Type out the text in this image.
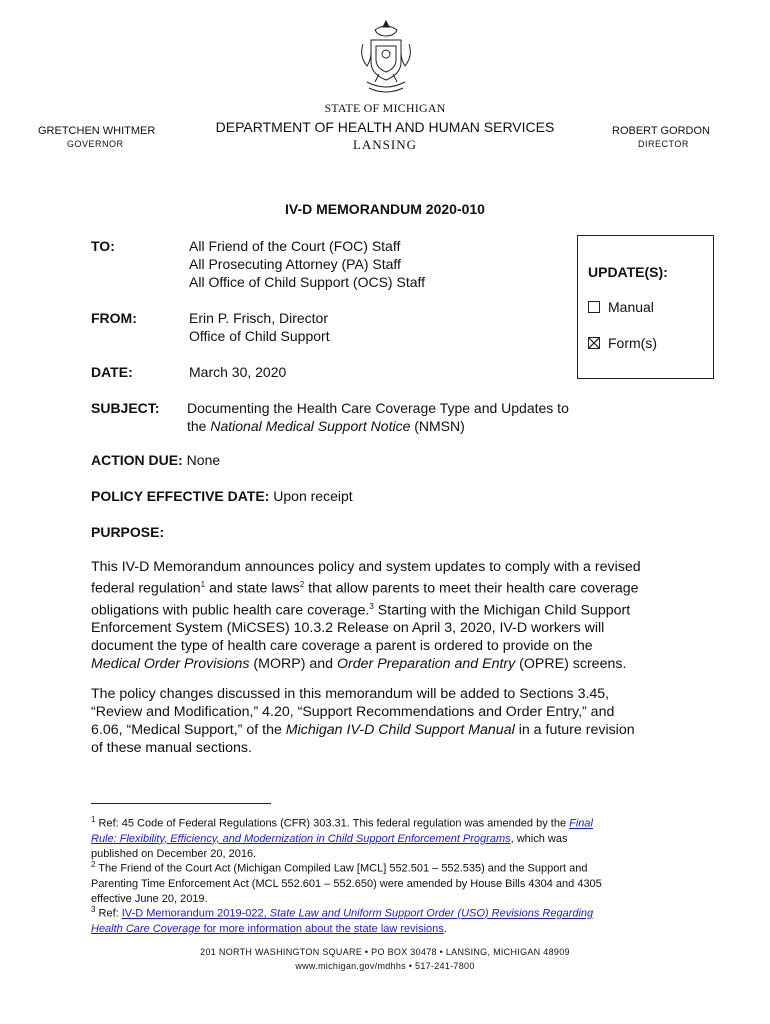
STATE OF MICHIGAN
GRETCHEN WHITMER
GOVERNOR
DEPARTMENT OF HEALTH AND HUMAN SERVICES
LANSING
ROBERT GORDON
DIRECTOR
IV-D MEMORANDUM 2020-010
TO:	All Friend of the Court (FOC) Staff
All Prosecuting Attorney (PA) Staff
All Office of Child Support (OCS) Staff
FROM:	Erin P. Frisch, Director
Office of Child Support
DATE:	March 30, 2020
SUBJECT: Documenting the Health Care Coverage Type and Updates to
the National Medical Support Notice (NMSN)
UPDATE(S):
Manual
Form(s)
ACTION DUE: None
POLICY EFFECTIVE DATE: Upon receipt
PURPOSE:
This IV-D Memorandum announces policy and system updates to comply with a revised
federal regulation$^1$ and state laws$^2$ that allow parents to meet their health care coverage
obligations with public health care coverage.$^3$ Starting with the Michigan Child Support
Enforcement System (MiCSES) 10.3.2 Release on April 3, 2020, IV-D workers will
document the type of health care coverage a parent is ordered to provide on the
Medical Order Provisions (MORP) and Order Preparation and Entry (OPRE) screens.
The policy changes discussed in this memorandum will be added to Sections 3.45,
“Review and Modification,” 4.20, “Support Recommendations and Order Entry,” and
6.06, “Medical Support,” of the Michigan IV-D Child Support Manual in a future revision
of these manual sections.
$^1$ Ref: 45 Code of Federal Regulations (CFR) 303.31. This federal regulation was amended by the Final
Rule: Flexibility, Efficiency, and Modernization in Child Support Enforcement Programs, which was
published on December 20, 2016.
$^2$ The Friend of the Court Act (Michigan Compiled Law [MCL] 552.501 – 552.535) and the Support and
Parenting Time Enforcement Act (MCL 552.601 – 552.650) were amended by House Bills 4304 and 4305
effective June 20, 2019.
$^3$ Ref: IV-D Memorandum 2019-022, State Law and Uniform Support Order (USO) Revisions Regarding
Health Care Coverage for more information about the state law revisions.
201 NORTH WASHINGTON SQUARE • PO BOX 30478 • LANSING, MICHIGAN 48909
www.michigan.gov/mdhhs • 517-241-7800
